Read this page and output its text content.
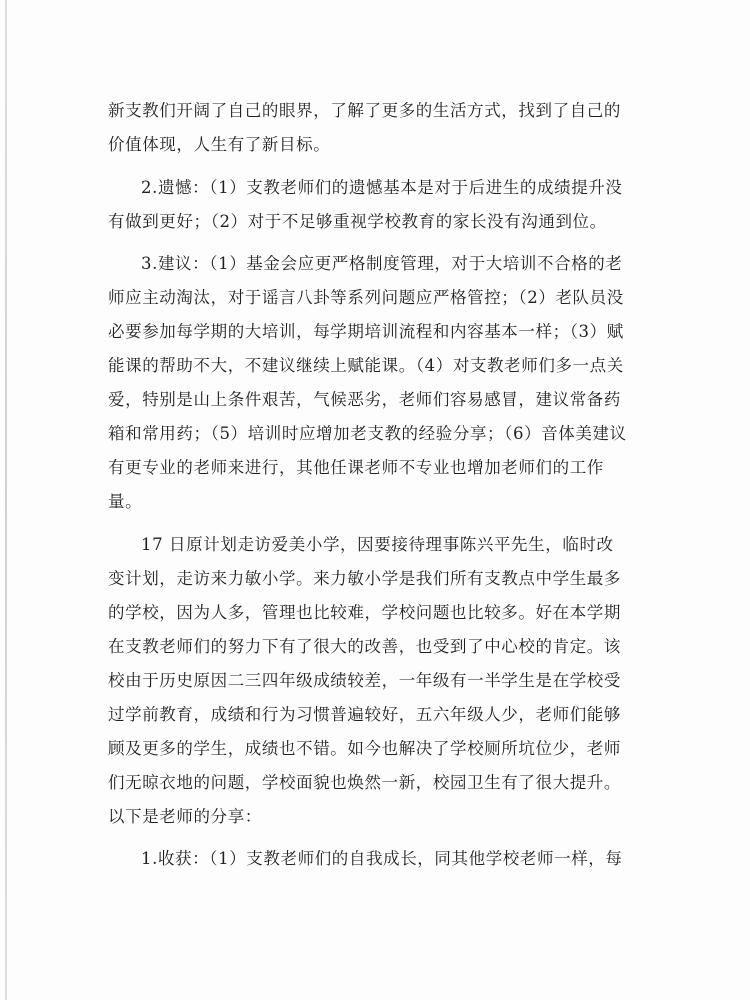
新支教们开阔了自己的眼界，了解了更多的生活方式，找到了自己的
价值体现，人生有了新目标。
2.遗憾：（1）支教老师们的遗憾基本是对于后进生的成绩提升没
有做到更好；（2）对于不足够重视学校教育的家长没有沟通到位。
3.建议：（1）基金会应更严格制度管理，对于大培训不合格的老
师应主动淘汰，对于谣言八卦等系列问题应严格管控；（2）老队员没
必要参加每学期的大培训，每学期培训流程和内容基本一样；（3）赋
能课的帮助不大，不建议继续上赋能课。（4）对支教老师们多一点关
爱，特别是山上条件艰苦，气候恶劣，老师们容易感冒，建议常备药
箱和常用药；（5）培训时应增加老支教的经验分享；（6）音体美建议
有更专业的老师来进行，其他任课老师不专业也增加老师们的工作
量。
17 日原计划走访爱美小学，因要接待理事陈兴平先生，临时改
变计划，走访来力敏小学。来力敏小学是我们所有支教点中学生最多
的学校，因为人多，管理也比较难，学校问题也比较多。好在本学期
在支教老师们的努力下有了很大的改善，也受到了中心校的肯定。该
校由于历史原因二三四年级成绩较差，一年级有一半学生是在学校受
过学前教育，成绩和行为习惯普遍较好，五六年级人少，老师们能够
顾及更多的学生，成绩也不错。如今也解决了学校厕所坑位少，老师
们无晾衣地的问题，学校面貌也焕然一新，校园卫生有了很大提升。
以下是老师的分享：
1.收获：（1）支教老师们的自我成长，同其他学校老师一样，每
